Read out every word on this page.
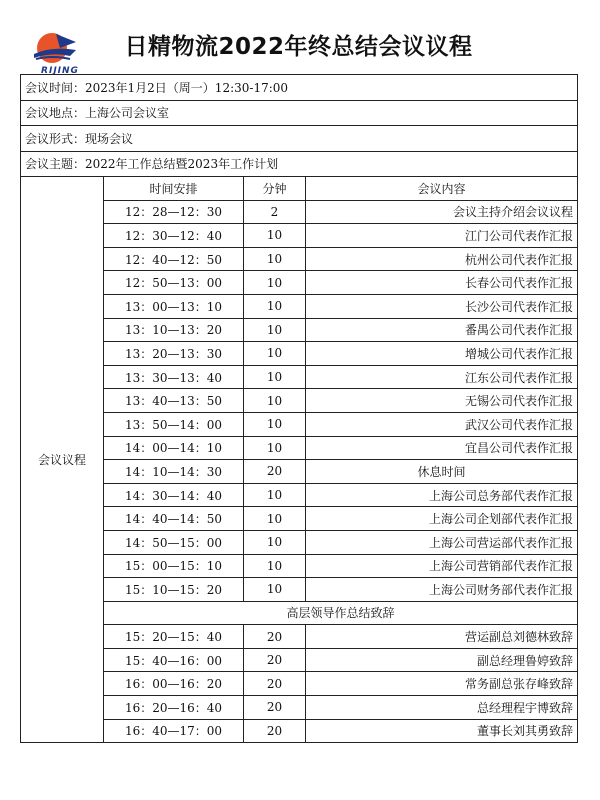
RIJING
日精物流2022年终总结会议议程
会议时间：2023年1月2日（周一）12:30-17:00			
会议地点：上海公司会议室			
会议形式：现场会议			
会议主题：2022年工作总结暨2023年工作计划			
会议议程	时间安排	分钟	会议内容
	12：28—12：30	2	会议主持介绍会议议程
	12：30—12：40	10	江门公司代表作汇报
	12：40—12：50	10	杭州公司代表作汇报
	12：50—13：00	10	长春公司代表作汇报
	13：00—13：10	10	长沙公司代表作汇报
	13：10—13：20	10	番禺公司代表作汇报
	13：20—13：30	10	增城公司代表作汇报
	13：30—13：40	10	江东公司代表作汇报
	13：40—13：50	10	无锡公司代表作汇报
	13：50—14：00	10	武汉公司代表作汇报
	14：00—14：10	10	宜昌公司代表作汇报
	14：10—14：30	20	休息时间
	14：30—14：40	10	上海公司总务部代表作汇报
	14：40—14：50	10	上海公司企划部代表作汇报
	14：50—15：00	10	上海公司营运部代表作汇报
	15：00—15：10	10	上海公司营销部代表作汇报
	15：10—15：20	10	上海公司财务部代表作汇报
	高层领导作总结致辞		
	15：20—15：40	20	营运副总刘德林致辞
	15：40—16：00	20	副总经理鲁婷致辞
	16：00—16：20	20	常务副总张存峰致辞
	16：20—16：40	20	总经理程宇博致辞
	16：40—17：00	20	董事长刘其勇致辞
